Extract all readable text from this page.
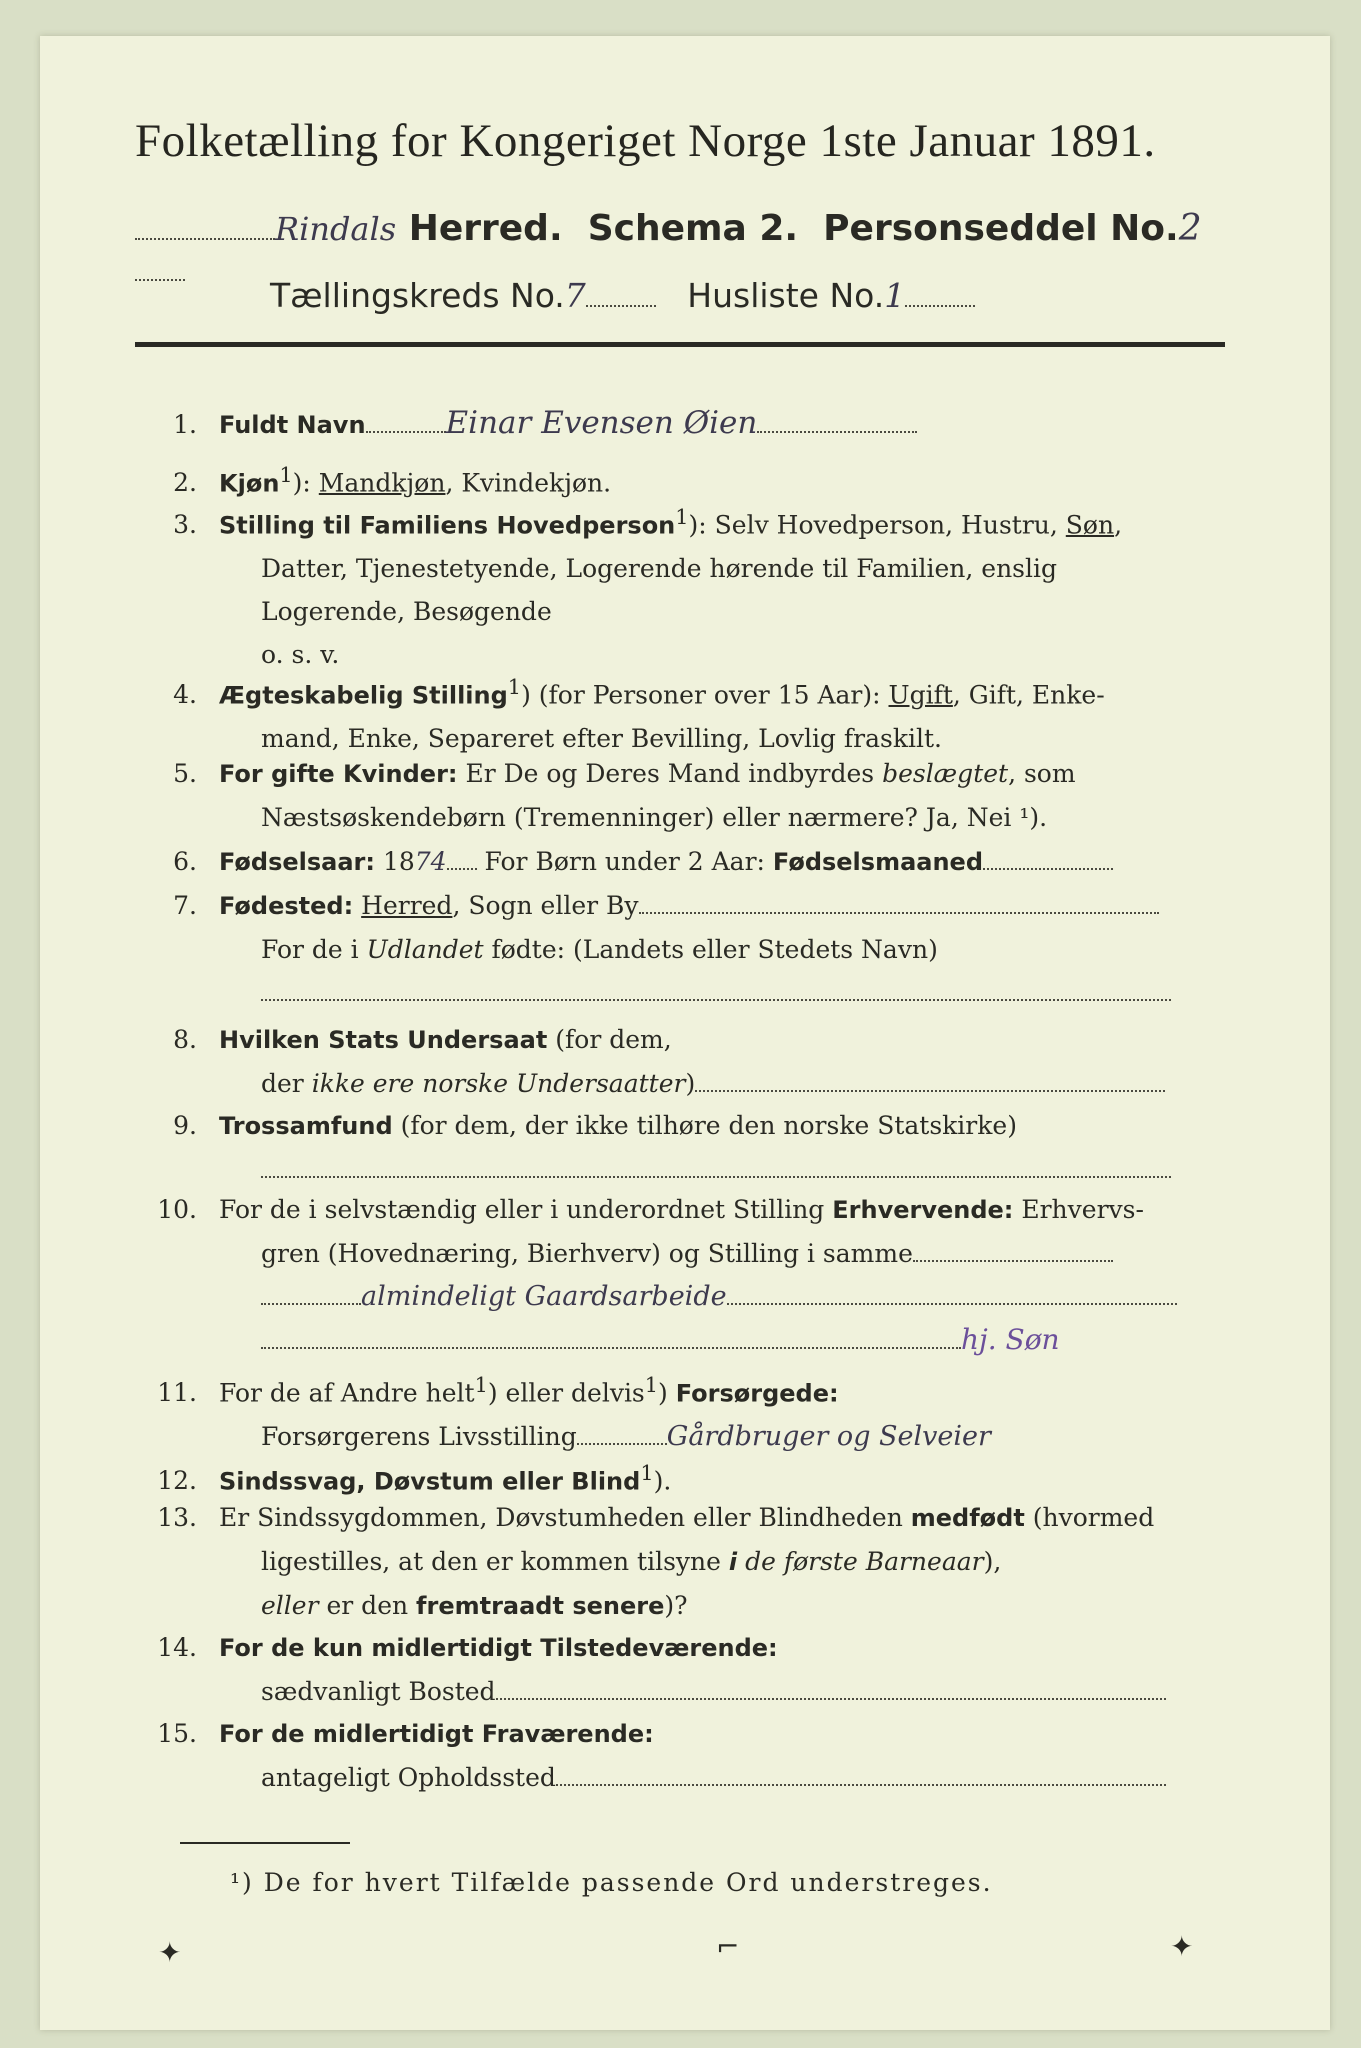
Folketælling for Kongeriget Norge 1ste Januar 1891.
Rindals Herred. Schema 2. Personseddel No.2
Tællingskreds No.7	Husliste No.1
1. Fuldt Navn	Einar Evensen Øien
2. Kjøn$^1$): Mandkjøn, Kvindekjøn.
3. Stilling til Familiens Hovedperson$^1$): Selv Hovedperson, Hustru, Søn,
Datter, Tjenestetyende, Logerende hørende til Familien, enslig
Logerende, Besøgende
o. s. v.
4. Ægteskabelig Stilling$^1$) (for Personer over 15 Aar): Ugift, Gift, Enke-
mand, Enke, Separeret efter Bevilling, Lovlig fraskilt.
5. For gifte Kvinder: Er De og Deres Mand indbyrdes beslægtet, som
Næstsøskendebørn (Tremenninger) eller nærmere? Ja, Nei ¹).
6. Fødselsaar: 1874 For Børn under 2 Aar: Fødselsmaaned
7. Fødested: Herred, Sogn eller By
For de i Udlandet fødte: (Landets eller Stedets Navn)
8. Hvilken Stats Undersaat (for dem,
der ikke ere norske Undersaatter)
9. Trossamfund (for dem, der ikke tilhøre den norske Statskirke)
10. For de i selvstændig eller i underordnet Stilling Erhvervende: Erhvervs-
gren (Hovednæring, Bierhverv) og Stilling i samme
almindeligt Gaardsarbeide
hj. Søn
11. For de af Andre helt$^1$) eller delvis$^1$) Forsørgede:
Forsørgerens Livsstilling	Gårdbruger og Selveier
12. Sindssvag, Døvstum eller Blind$^1$).
13. Er Sindssygdommen, Døvstumheden eller Blindheden medfødt (hvormed
ligestilles, at den er kommen tilsyne i de første Barneaar),
eller er den fremtraadt senere)?
14. For de kun midlertidigt Tilstedeværende:
sædvanligt Bosted
15. For de midlertidigt Fraværende:
antageligt Opholdssted
¹) De for hvert Tilfælde passende Ord understreges.
✦	⌐	✦
